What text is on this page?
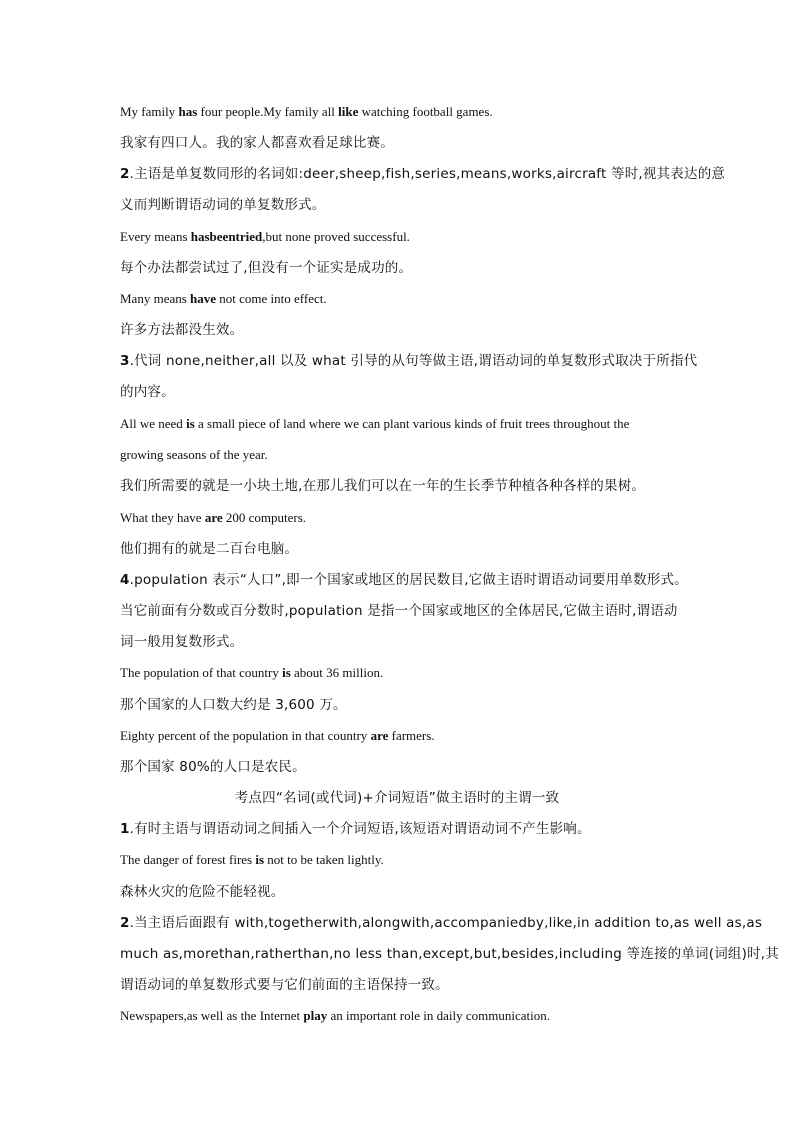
My family has four people.My family all like watching football games.
我家有四口人。我的家人都喜欢看足球比赛。
2.主语是单复数同形的名词如:deer,sheep,fish,series,means,works,aircraft 等时,视其表达的意
义而判断谓语动词的单复数形式。
Every means hasbeentried,but none proved successful.
每个办法都尝试过了,但没有一个证实是成功的。
Many means have not come into effect.
许多方法都没生效。
3.代词 none,neither,all 以及 what 引导的从句等做主语,谓语动词的单复数形式取决于所指代
的内容。
All we need is a small piece of land where we can plant various kinds of fruit trees throughout the
growing seasons of the year.
我们所需要的就是一小块土地,在那儿我们可以在一年的生长季节种植各种各样的果树。
What they have are 200 computers.
他们拥有的就是二百台电脑。
4.population 表示“人口”,即一个国家或地区的居民数目,它做主语时谓语动词要用单数形式。
当它前面有分数或百分数时,population 是指一个国家或地区的全体居民,它做主语时,谓语动
词一般用复数形式。
The population of that country is about 36 million.
那个国家的人口数大约是 3,600 万。
Eighty percent of the population in that country are farmers.
那个国家 80%的人口是农民。
考点四“名词(或代词)+介词短语”做主语时的主谓一致
1.有时主语与谓语动词之间插入一个介词短语,该短语对谓语动词不产生影响。
The danger of forest fires is not to be taken lightly.
森林火灾的危险不能轻视。
2.当主语后面跟有 with,togetherwith,alongwith,accompaniedby,like,in addition to,as well as,as
much as,morethan,ratherthan,no less than,except,but,besides,including 等连接的单词(词组)时,其
谓语动词的单复数形式要与它们前面的主语保持一致。
Newspapers,as well as the Internet play an important role in daily communication.
